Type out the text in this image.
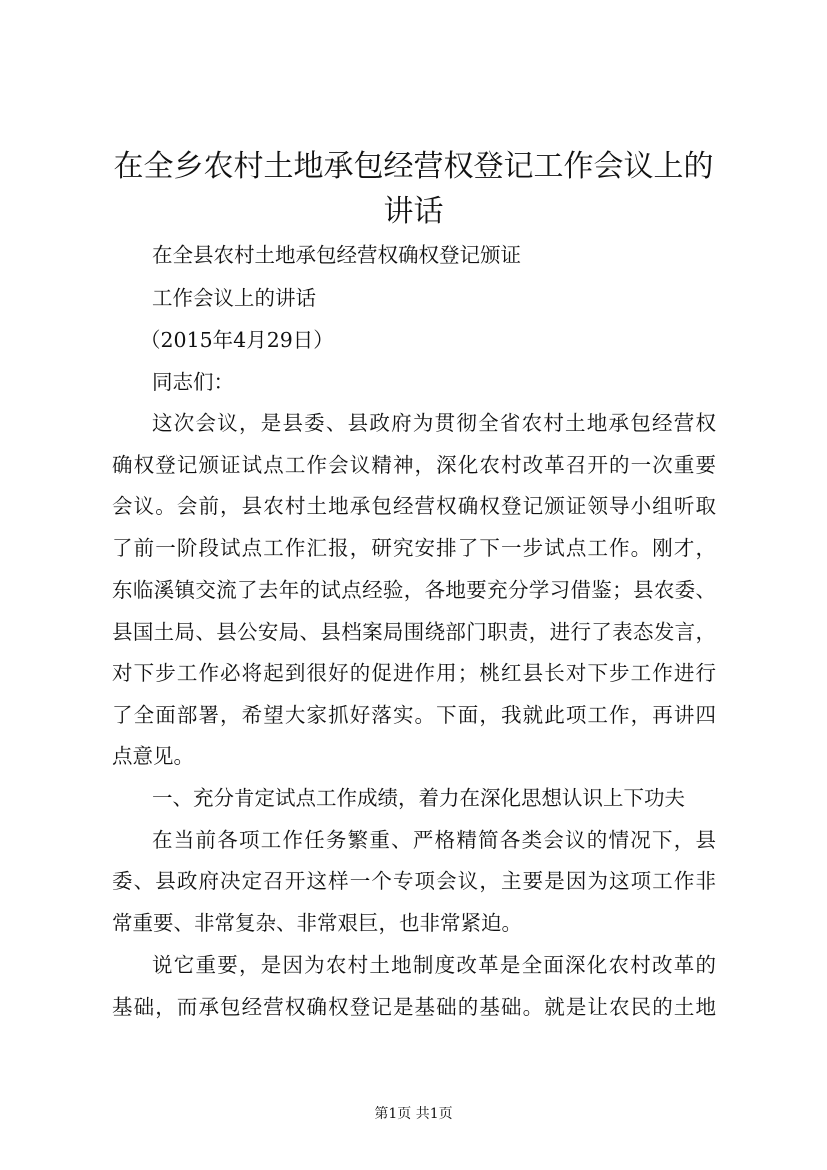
在全乡农村土地承包经营权登记工作会议上的
讲话

在全县农村土地承包经营权确权登记颁证

工作会议上的讲话

（2015年4月29日）

同志们：

这次会议，是县委、县政府为贯彻全省农村土地承包经营权

确权登记颁证试点工作会议精神，深化农村改革召开的一次重要

会议。会前，县农村土地承包经营权确权登记颁证领导小组听取

了前一阶段试点工作汇报，研究安排了下一步试点工作。刚才，

东临溪镇交流了去年的试点经验，各地要充分学习借鉴；县农委、

县国土局、县公安局、县档案局围绕部门职责，进行了表态发言，

对下步工作必将起到很好的促进作用；桃红县长对下步工作进行

了全面部署，希望大家抓好落实。下面，我就此项工作，再讲四

点意见。

一、充分肯定试点工作成绩，着力在深化思想认识上下功夫

在当前各项工作任务繁重、严格精简各类会议的情况下，县

委、县政府决定召开这样一个专项会议，主要是因为这项工作非

常重要、非常复杂、非常艰巨，也非常紧迫。

说它重要，是因为农村土地制度改革是全面深化农村改革的

基础，而承包经营权确权登记是基础的基础。就是让农民的土地

第1页 共1页
